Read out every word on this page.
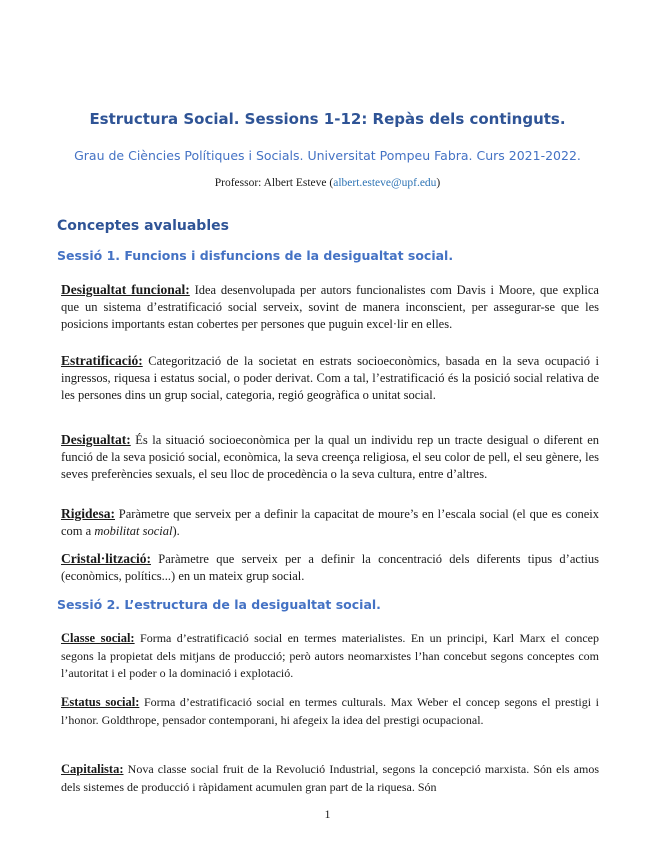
Estructura Social. Sessions 1-12: Repàs dels continguts.

Grau de Ciències Polítiques i Socials. Universitat Pompeu Fabra. Curs 2021-2022.

Professor: Albert Esteve (albert.esteve@upf.edu)

Conceptes avaluables
Sessió 1. Funcions i disfuncions de la desigualtat social.

Desigualtat funcional: Idea desenvolupada per autors funcionalistes com Davis i Moore, que explica que un sistema d’estratificació social serveix, sovint de manera inconscient, per assegurar-se que les posicions importants estan cobertes per persones que puguin excel·lir en elles.

Estratificació: Categorització de la societat en estrats socioeconòmics, basada en la seva ocupació i ingressos, riquesa i estatus social, o poder derivat. Com a tal, l’estratificació és la posició social relativa de les persones dins un grup social, categoria, regió geogràfica o unitat social.

Desigualtat: És la situació socioeconòmica per la qual un individu rep un tracte desigual o diferent en funció de la seva posició social, econòmica, la seva creença religiosa, el seu color de pell, el seu gènere, les seves preferències sexuals, el seu lloc de procedència o la seva cultura, entre d’altres.

Rigidesa: Paràmetre que serveix per a definir la capacitat de moure’s en l’escala social (el que es coneix com a mobilitat social).

Cristal·lització: Paràmetre que serveix per a definir la concentració dels diferents tipus d’actius (econòmics, polítics...) en un mateix grup social.

Sessió 2. L’estructura de la desigualtat social.

Classe social: Forma d’estratificació social en termes materialistes. En un principi, Karl Marx el concep segons la propietat dels mitjans de producció; però autors neomarxistes l’han concebut segons conceptes com l’autoritat i el poder o la dominació i explotació.

Estatus social: Forma d’estratificació social en termes culturals. Max Weber el concep segons el prestigi i l’honor. Goldthrope, pensador contemporani, hi afegeix la idea del prestigi ocupacional.

Capitalista: Nova classe social fruit de la Revolució Industrial, segons la concepció marxista. Són els amos dels sistemes de producció i ràpidament acumulen gran part de la riquesa. Són

1
